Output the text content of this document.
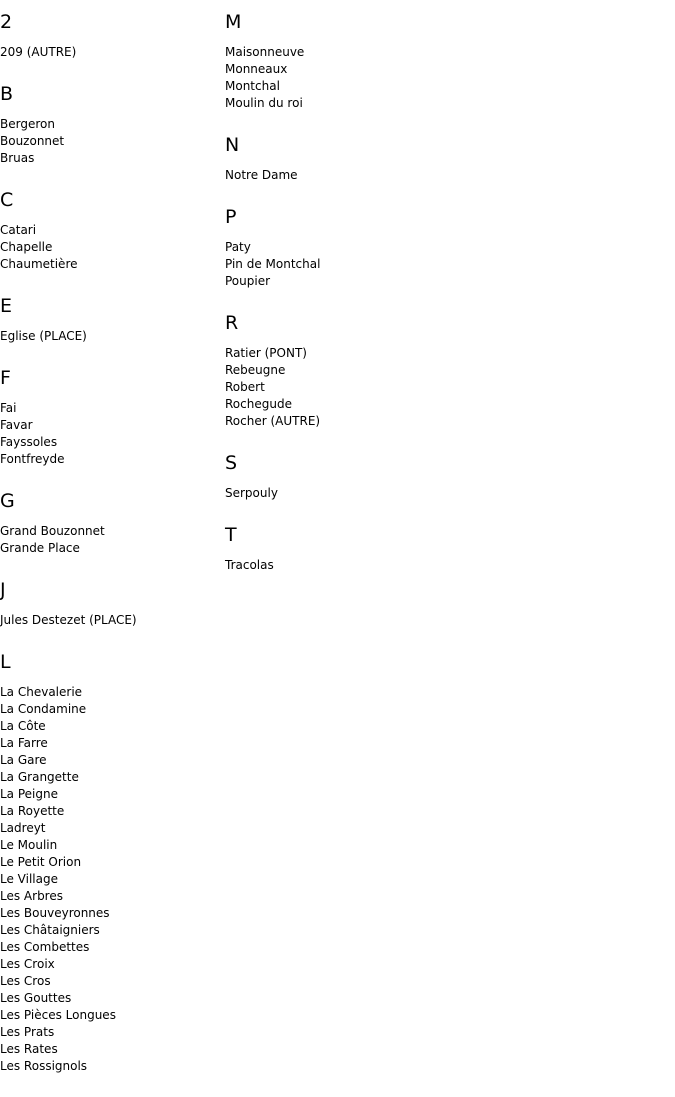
2
209 (AUTRE)
B
Bergeron
Bouzonnet
Bruas
C
Catari
Chapelle
Chaumetière
E
Eglise (PLACE)
F
Fai
Favar
Fayssoles
Fontfreyde
G
Grand Bouzonnet
Grande Place
J
Jules Destezet (PLACE)
L
La Chevalerie
La Condamine
La Côte
La Farre
La Gare
La Grangette
La Peigne
La Royette
Ladreyt
Le Moulin
Le Petit Orion
Le Village
Les Arbres
Les Bouveyronnes
Les Châtaigniers
Les Combettes
Les Croix
Les Cros
Les Gouttes
Les Pièces Longues
Les Prats
Les Rates
Les Rossignols
M
Maisonneuve
Monneaux
Montchal
Moulin du roi
N
Notre Dame
P
Paty
Pin de Montchal
Poupier
R
Ratier (PONT)
Rebeugne
Robert
Rochegude
Rocher (AUTRE)
S
Serpouly
T
Tracolas
